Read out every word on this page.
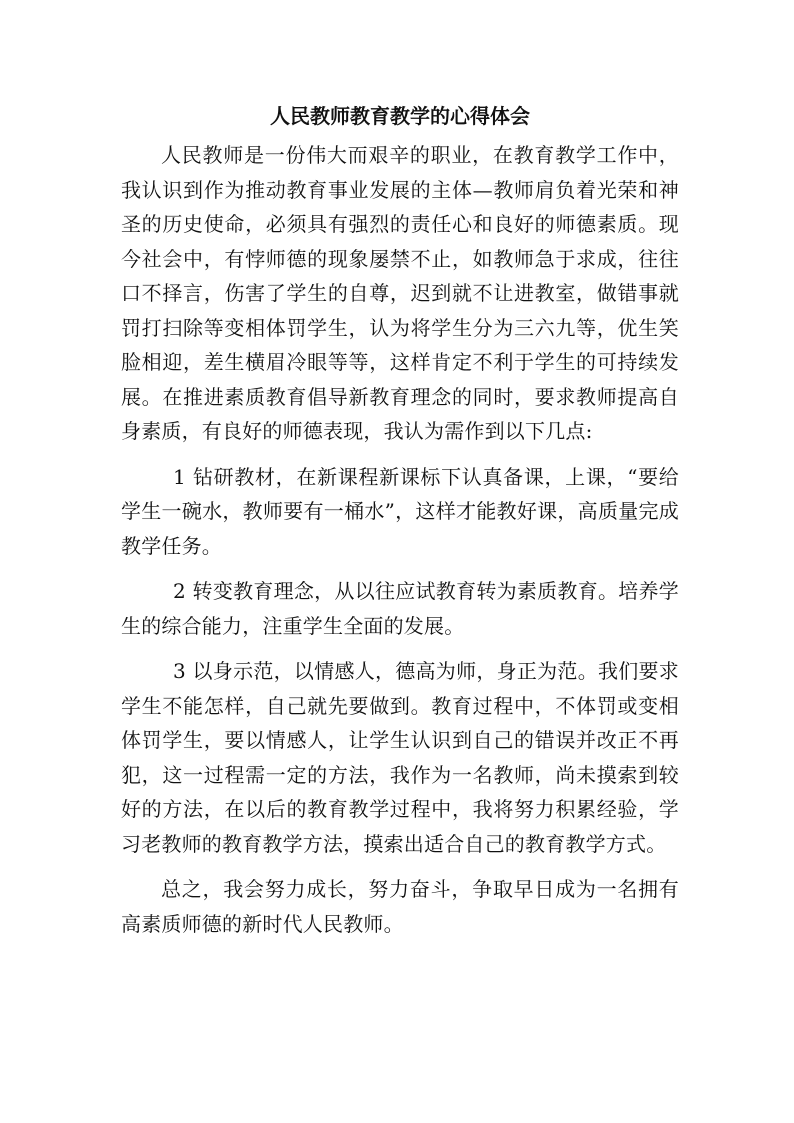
人民教师教育教学的心得体会

人民教师是一份伟大而艰辛的职业，在教育教学工作中，我认识到作为推动教育事业发展的主体—教师肩负着光荣和神圣的历史使命，必须具有强烈的责任心和良好的师德素质。现今社会中，有悖师德的现象屡禁不止，如教师急于求成，往往口不择言，伤害了学生的自尊，迟到就不让进教室，做错事就罚打扫除等变相体罚学生，认为将学生分为三六九等，优生笑脸相迎，差生横眉冷眼等等，这样肯定不利于学生的可持续发展。在推进素质教育倡导新教育理念的同时，要求教师提高自身素质，有良好的师德表现，我认为需作到以下几点:

1 钻研教材，在新课程新课标下认真备课，上课，“要给学生一碗水，教师要有一桶水”，这样才能教好课，高质量完成教学任务。

2 转变教育理念，从以往应试教育转为素质教育。培养学生的综合能力，注重学生全面的发展。

3 以身示范，以情感人，德高为师，身正为范。我们要求学生不能怎样，自己就先要做到。教育过程中，不体罚或变相体罚学生，要以情感人，让学生认识到自己的错误并改正不再犯，这一过程需一定的方法，我作为一名教师，尚未摸索到较好的方法，在以后的教育教学过程中，我将努力积累经验，学习老教师的教育教学方法，摸索出适合自己的教育教学方式。

总之，我会努力成长，努力奋斗，争取早日成为一名拥有高素质师德的新时代人民教师。
